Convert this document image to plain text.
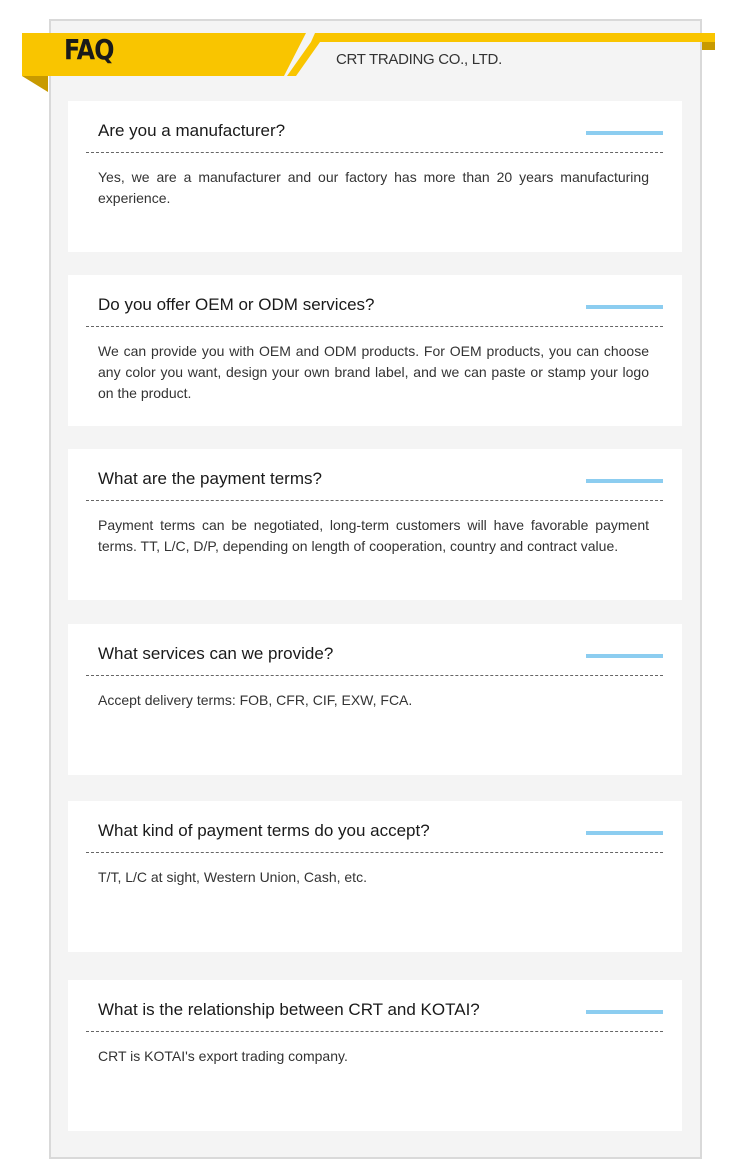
FAQ	CRT TRADING CO., LTD.
Are you a manufacturer?
Yes, we are a manufacturer and our factory has more than 20 years manufacturing experience.
Do you offer OEM or ODM services?
We can provide you with OEM and ODM products. For OEM products, you can choose any color you want, design your own brand label, and we can paste or stamp your logo on the product.
What are the payment terms?
Payment terms can be negotiated, long-term customers will have favorable payment terms. TT, L/C, D/P, depending on length of cooperation, country and contract value.
What services can we provide?
Accept delivery terms: FOB, CFR, CIF, EXW, FCA.
What kind of payment terms do you accept?
T/T, L/C at sight, Western Union, Cash, etc.
What is the relationship between CRT and KOTAI?
CRT is KOTAI's export trading company.
